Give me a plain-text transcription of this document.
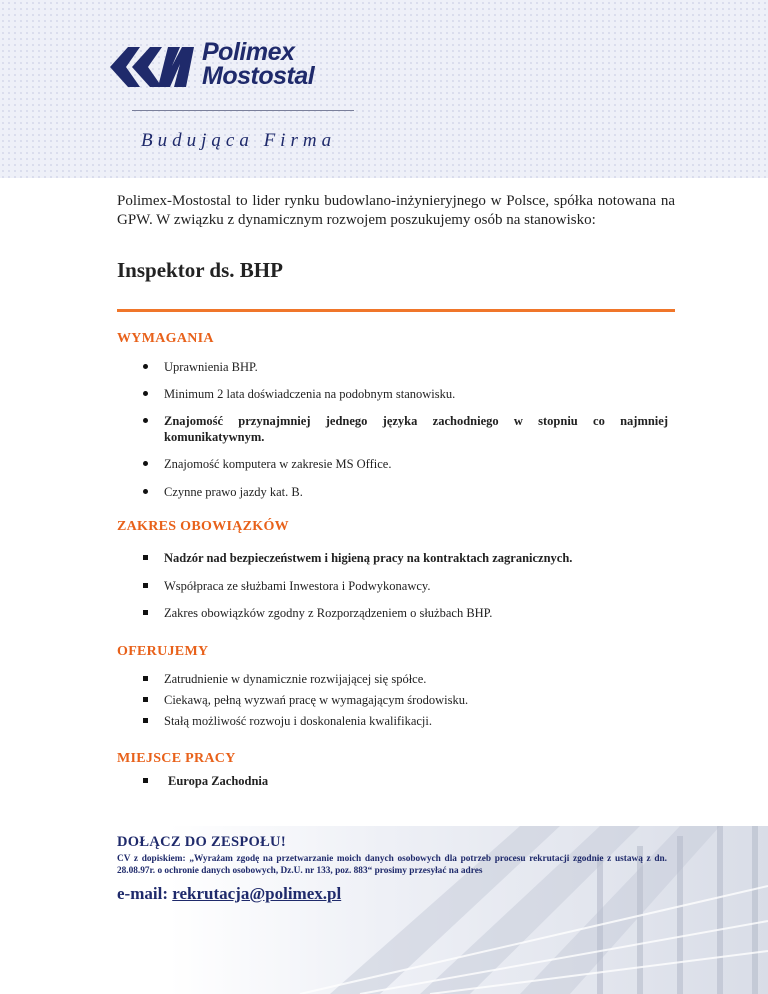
Polimex
Mostostal
Budująca Firma
Polimex-Mostostal to lider rynku budowlano-inżynieryjnego w Polsce, spółka notowana na GPW. W związku z dynamicznym rozwojem poszukujemy osób na stanowisko:
Inspektor ds. BHP
WYMAGANIA
Uprawnienia BHP.
Minimum 2 lata doświadczenia na podobnym stanowisku.
Znajomość przynajmniej jednego języka zachodniego w stopniu co najmniej komunikatywnym.
Znajomość komputera w zakresie MS Office.
Czynne prawo jazdy kat. B.
ZAKRES OBOWIĄZKÓW
Nadzór nad bezpieczeństwem i higieną pracy na kontraktach zagranicznych.
Współpraca ze służbami Inwestora i Podwykonawcy.
Zakres obowiązków zgodny z Rozporządzeniem o służbach BHP.
OFERUJEMY
Zatrudnienie w dynamicznie rozwijającej się spółce.
Ciekawą, pełną wyzwań pracę w wymagającym środowisku.
Stałą możliwość rozwoju i doskonalenia kwalifikacji.
MIEJSCE PRACY
Europa Zachodnia
DOŁĄCZ DO ZESPOŁU!
CV z dopiskiem: „Wyrażam zgodę na przetwarzanie moich danych osobowych dla potrzeb procesu rekrutacji zgodnie z ustawą z dn. 28.08.97r. o ochronie danych osobowych, Dz.U. nr 133, poz. 883“ prosimy przesyłać na adres
e-mail: rekrutacja@polimex.pl
